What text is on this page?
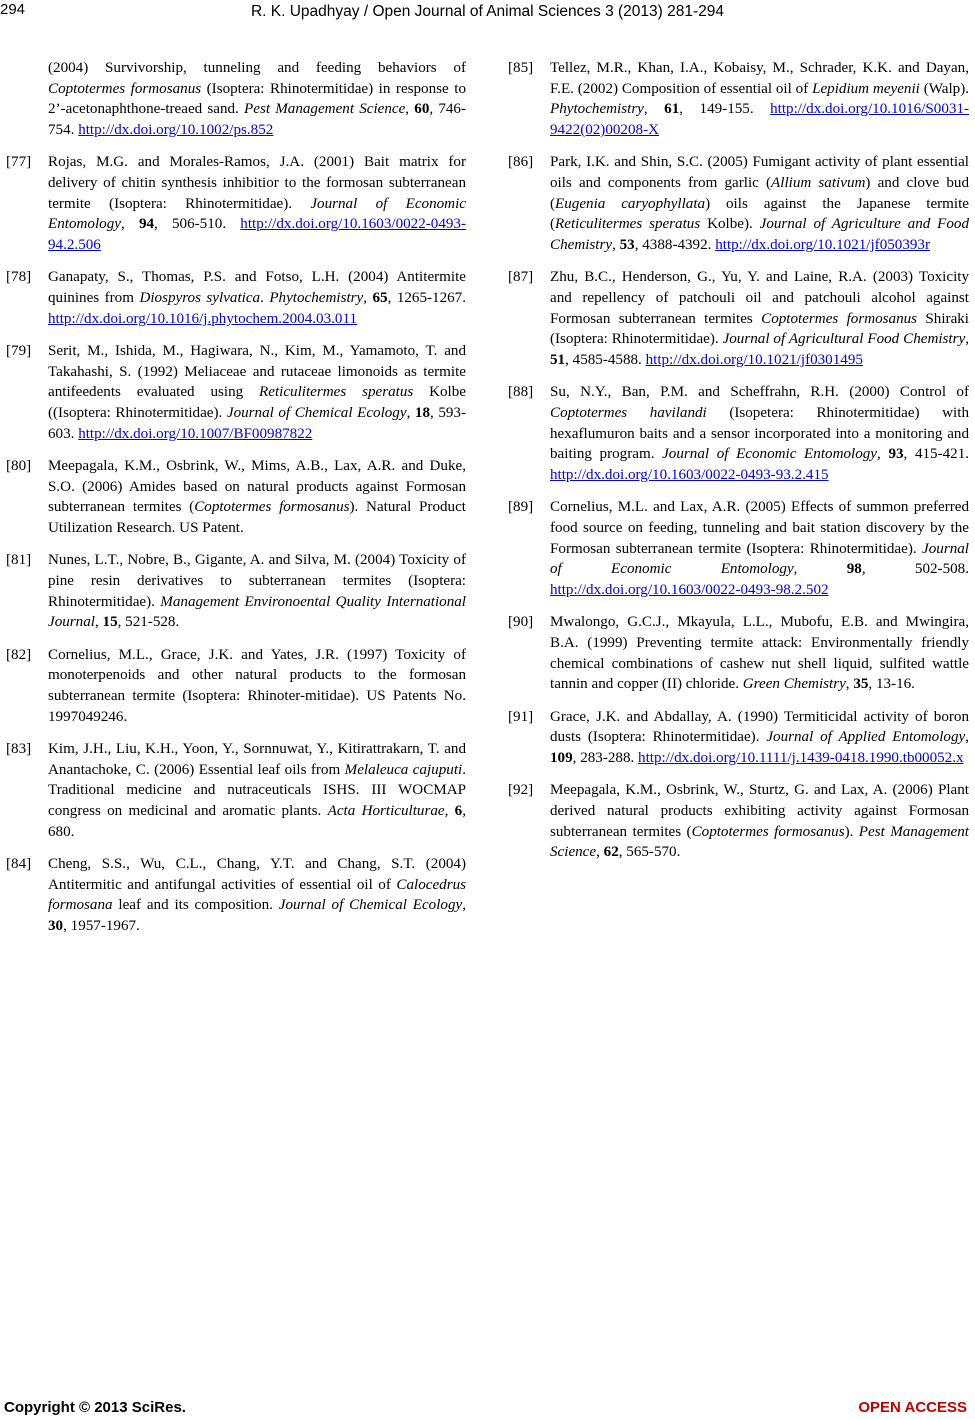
294	R. K. Upadhyay / Open Journal of Animal Sciences 3 (2013) 281-294
(2004) Survivorship, tunneling and feeding behaviors of Coptotermes formosanus (Isoptera: Rhinotermitidae) in response to 2’-acetonaphthone-treaed sand. Pest Management Science, 60, 746-754. http://dx.doi.org/10.1002/ps.852
[77] Rojas, M.G. and Morales-Ramos, J.A. (2001) Bait matrix for delivery of chitin synthesis inhibitior to the formosan subterranean termite (Isoptera: Rhinotermitidae). Journal of Economic Entomology, 94, 506-510. http://dx.doi.org/10.1603/0022-0493-94.2.506
[78] Ganapaty, S., Thomas, P.S. and Fotso, L.H. (2004) Antitermite quinines from Diospyros sylvatica. Phytochemistry, 65, 1265-1267. http://dx.doi.org/10.1016/j.phytochem.2004.03.011
[79] Serit, M., Ishida, M., Hagiwara, N., Kim, M., Yamamoto, T. and Takahashi, S. (1992) Meliaceae and rutaceae limonoids as termite antifeedents evaluated using Reticulitermes speratus Kolbe ((Isoptera: Rhinotermitidae). Journal of Chemical Ecology, 18, 593-603. http://dx.doi.org/10.1007/BF00987822
[80] Meepagala, K.M., Osbrink, W., Mims, A.B., Lax, A.R. and Duke, S.O. (2006) Amides based on natural products against Formosan subterranean termites (Coptotermes formosanus). Natural Product Utilization Research. US Patent.
[81] Nunes, L.T., Nobre, B., Gigante, A. and Silva, M. (2004) Toxicity of pine resin derivatives to subterranean termites (Isoptera: Rhinotermitidae). Management Environoental Quality International Journal, 15, 521-528.
[82] Cornelius, M.L., Grace, J.K. and Yates, J.R. (1997) Toxicity of monoterpenoids and other natural products to the formosan subterranean termite (Isoptera: Rhinoter-mitidae). US Patents No. 1997049246.
[83] Kim, J.H., Liu, K.H., Yoon, Y., Sornnuwat, Y., Kitirattrakarn, T. and Anantachoke, C. (2006) Essential leaf oils from Melaleuca cajuputi. Traditional medicine and nutraceuticals ISHS. III WOCMAP congress on medicinal and aromatic plants. Acta Horticulturae, 6, 680.
[84] Cheng, S.S., Wu, C.L., Chang, Y.T. and Chang, S.T. (2004) Antitermitic and antifungal activities of essential oil of Calocedrus formosana leaf and its composition. Journal of Chemical Ecology, 30, 1957-1967.
[85] Tellez, M.R., Khan, I.A., Kobaisy, M., Schrader, K.K. and Dayan, F.E. (2002) Composition of essential oil of Lepidium meyenii (Walp). Phytochemistry, 61, 149-155. http://dx.doi.org/10.1016/S0031-9422(02)00208-X
[86] Park, I.K. and Shin, S.C. (2005) Fumigant activity of plant essential oils and components from garlic (Allium sativum) and clove bud (Eugenia caryophyllata) oils against the Japanese termite (Reticulitermes speratus Kolbe). Journal of Agriculture and Food Chemistry, 53, 4388-4392. http://dx.doi.org/10.1021/jf050393r
[87] Zhu, B.C., Henderson, G., Yu, Y. and Laine, R.A. (2003) Toxicity and repellency of patchouli oil and patchouli alcohol against Formosan subterranean termites Coptotermes formosanus Shiraki (Isoptera: Rhinotermitidae). Journal of Agricultural Food Chemistry, 51, 4585-4588. http://dx.doi.org/10.1021/jf0301495
[88] Su, N.Y., Ban, P.M. and Scheffrahn, R.H. (2000) Control of Coptotermes havilandi (Isopetera: Rhinotermitidae) with hexaflumuron baits and a sensor incorporated into a monitoring and baiting program. Journal of Economic Entomology, 93, 415-421. http://dx.doi.org/10.1603/0022-0493-93.2.415
[89] Cornelius, M.L. and Lax, A.R. (2005) Effects of summon preferred food source on feeding, tunneling and bait station discovery by the Formosan subterranean termite (Isoptera: Rhinotermitidae). Journal of Economic Entomology, 98, 502-508. http://dx.doi.org/10.1603/0022-0493-98.2.502
[90] Mwalongo, G.C.J., Mkayula, L.L., Mubofu, E.B. and Mwingira, B.A. (1999) Preventing termite attack: Environmentally friendly chemical combinations of cashew nut shell liquid, sulfited wattle tannin and copper (II) chloride. Green Chemistry, 35, 13-16.
[91] Grace, J.K. and Abdallay, A. (1990) Termiticidal activity of boron dusts (Isoptera: Rhinotermitidae). Journal of Applied Entomology, 109, 283-288. http://dx.doi.org/10.1111/j.1439-0418.1990.tb00052.x
[92] Meepagala, K.M., Osbrink, W., Sturtz, G. and Lax, A. (2006) Plant derived natural products exhibiting activity against Formosan subterranean termites (Coptotermes formosanus). Pest Management Science, 62, 565-570.
Copyright © 2013 SciRes.	OPEN ACCESS
